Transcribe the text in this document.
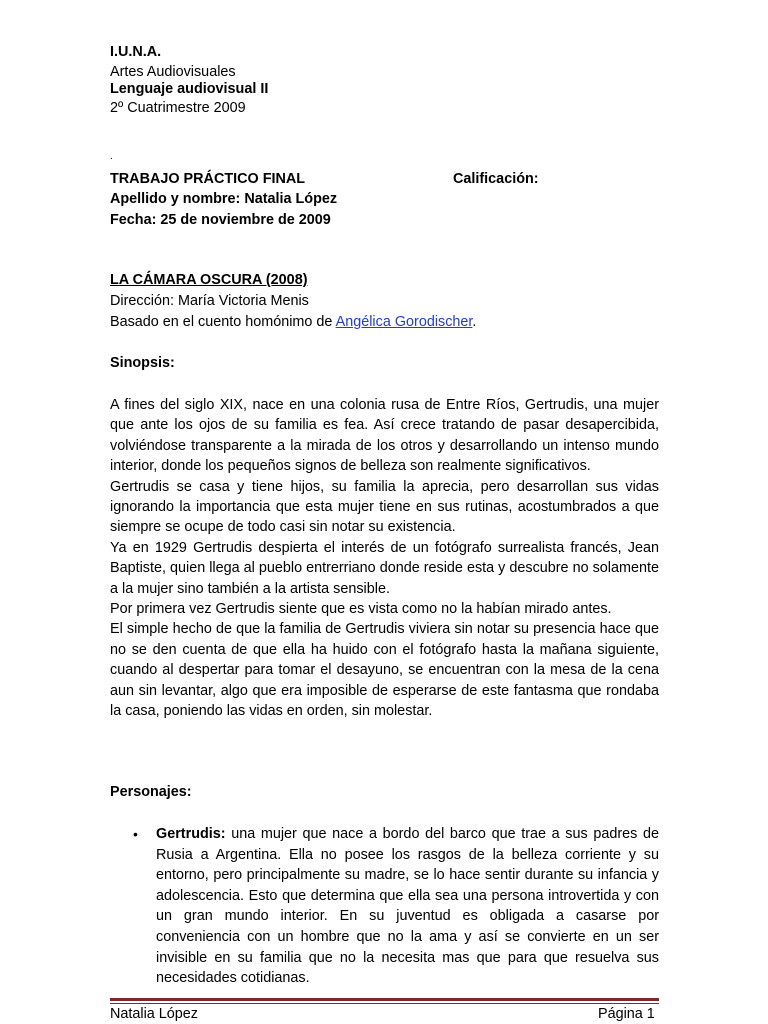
I.U.N.A.
Artes Audiovisuales
Lenguaje audiovisual II
2º Cuatrimestre 2009
.
TRABAJO PRÁCTICO FINAL	Calificación:
Apellido y nombre: Natalia López
Fecha: 25 de noviembre de 2009
LA CÁMARA OSCURA (2008)
Dirección: María Victoria Menis
Basado en el cuento homónimo de Angélica Gorodischer.
Sinopsis:
A fines del siglo XIX, nace en una colonia rusa de Entre Ríos, Gertrudis, una mujer que ante los ojos de su familia es fea. Así crece tratando de pasar desapercibida, volviéndose transparente a la mirada de los otros y desarrollando un intenso mundo interior, donde los pequeños signos de belleza son realmente significativos.
Gertrudis se casa y tiene hijos, su familia la aprecia, pero desarrollan sus vidas ignorando la importancia que esta mujer tiene en sus rutinas, acostumbrados a que siempre se ocupe de todo casi sin notar su existencia.
Ya en 1929 Gertrudis despierta el interés de un fotógrafo surrealista francés, Jean Baptiste, quien llega al pueblo entrerriano donde reside esta y descubre no solamente a la mujer sino también a la artista sensible.
Por primera vez Gertrudis siente que es vista como no la habían mirado antes.
El simple hecho de que la familia de Gertrudis viviera sin notar su presencia hace que no se den cuenta de que ella ha huido con el fotógrafo hasta la mañana siguiente, cuando al despertar para tomar el desayuno, se encuentran con la mesa de la cena aun sin levantar, algo que era imposible de esperarse de este fantasma que rondaba la casa, poniendo las vidas en orden, sin molestar.
Personajes:
• Gertrudis: una mujer que nace a bordo del barco que trae a sus padres de Rusia a Argentina. Ella no posee los rasgos de la belleza corriente y su entorno, pero principalmente su madre, se lo hace sentir durante su infancia y adolescencia. Esto que determina que ella sea una persona introvertida y con un gran mundo interior. En su juventud es obligada a casarse por conveniencia con un hombre que no la ama y así se convierte en un ser invisible en su familia que no la necesita mas que para que resuelva sus necesidades cotidianas.
Natalia López	Página 1
